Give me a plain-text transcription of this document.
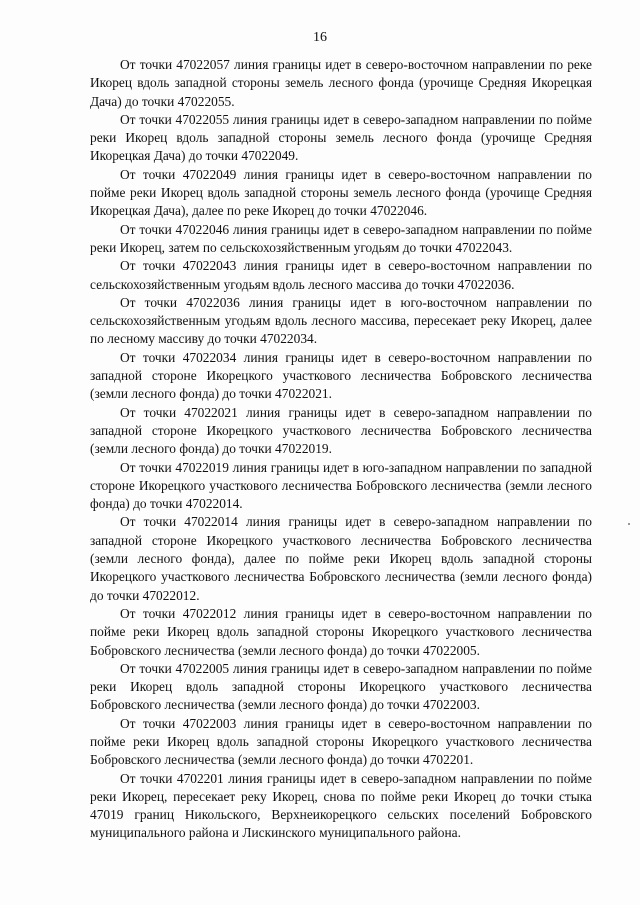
16

От точки 47022057 линия границы идет в северо-восточном направлении по реке Икорец вдоль западной стороны земель лесного фонда (урочище Средняя Икорецкая Дача) до точки 47022055.

От точки 47022055 линия границы идет в северо-западном направлении по пойме реки Икорец вдоль западной стороны земель лесного фонда (урочище Средняя Икорецкая Дача) до точки 47022049.

От точки 47022049 линия границы идет в северо-восточном направлении по пойме реки Икорец вдоль западной стороны земель лесного фонда (урочище Средняя Икорецкая Дача), далее по реке Икорец до точки 47022046.

От точки 47022046 линия границы идет в северо-западном направлении по пойме реки Икорец, затем по сельскохозяйственным угодьям до точки 47022043.

От точки 47022043 линия границы идет в северо-восточном направлении по сельскохозяйственным угодьям вдоль лесного массива до точки 47022036.

От точки 47022036 линия границы идет в юго-восточном направлении по сельскохозяйственным угодьям вдоль лесного массива, пересекает реку Икорец, далее по лесному массиву до точки 47022034.

От точки 47022034 линия границы идет в северо-восточном направлении по западной стороне Икорецкого участкового лесничества Бобровского лесничества (земли лесного фонда) до точки 47022021.

От точки 47022021 линия границы идет в северо-западном направлении по западной стороне Икорецкого участкового лесничества Бобровского лесничества (земли лесного фонда) до точки 47022019.

От точки 47022019 линия границы идет в юго-западном направлении по западной стороне Икорецкого участкового лесничества Бобровского лесничества (земли лесного фонда) до точки 47022014.

От точки 47022014 линия границы идет в северо-западном направлении по западной стороне Икорецкого участкового лесничества Бобровского лесничества (земли лесного фонда), далее по пойме реки Икорец вдоль западной стороны Икорецкого участкового лесничества Бобровского лесничества (земли лесного фонда) до точки 47022012.

От точки 47022012 линия границы идет в северо-восточном направлении по пойме реки Икорец вдоль западной стороны Икорецкого участкового лесничества Бобровского лесничества (земли лесного фонда) до точки 47022005.

От точки 47022005 линия границы идет в северо-западном направлении по пойме реки Икорец вдоль западной стороны Икорецкого участкового лесничества Бобровского лесничества (земли лесного фонда) до точки 47022003.

От точки 47022003 линия границы идет в северо-восточном направлении по пойме реки Икорец вдоль западной стороны Икорецкого участкового лесничества Бобровского лесничества (земли лесного фонда) до точки 4702201.

От точки 4702201 линия границы идет в северо-западном направлении по пойме реки Икорец, пересекает реку Икорец, снова по пойме реки Икорец до точки стыка 47019 границ Никольского, Верхнеикорецкого сельских поселений Бобровского муниципального района и Лискинского муниципального района.
